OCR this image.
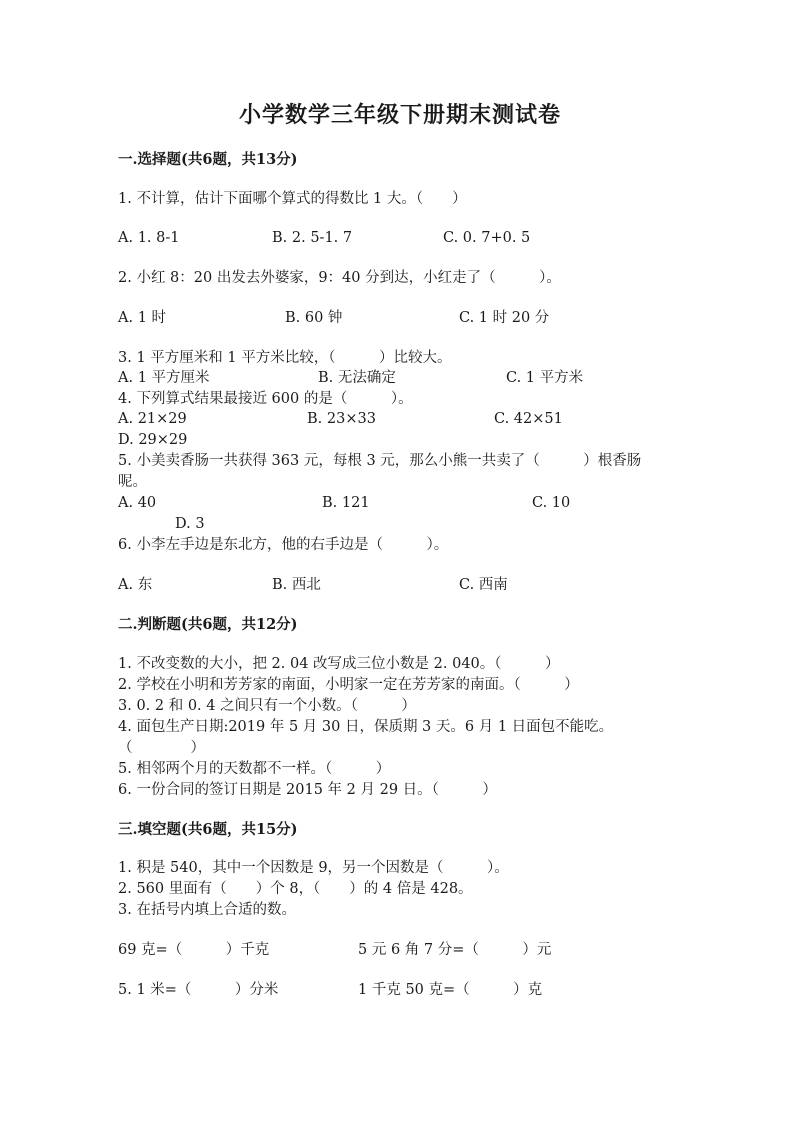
小学数学三年级下册期末测试卷
一.选择题(共6题，共13分)
1. 不计算，估计下面哪个算式的得数比 1 大。（　　）
A. 1. 8-1	B. 2. 5-1. 7	C. 0. 7+0. 5
2. 小红 8：20 出发去外婆家，9：40 分到达，小红走了（　　　）。
A. 1 时	B. 60 钟	C. 1 时 20 分
3. 1 平方厘米和 1 平方米比较，（　　　）比较大。
A. 1 平方厘米	B. 无法确定	C. 1 平方米
4. 下列算式结果最接近 600 的是（　　　）。
A. 21×29	B. 23×33	C. 42×51
D. 29×29
5. 小美卖香肠一共获得 363 元，每根 3 元，那么小熊一共卖了（　　　）根香肠
呢。
A. 40	B. 121	C. 10
D. 3
6. 小李左手边是东北方，他的右手边是（　　　）。
A. 东	B. 西北	C. 西南
二.判断题(共6题，共12分)
1. 不改变数的大小，把 2. 04 改写成三位小数是 2. 040。（　　　）
2. 学校在小明和芳芳家的南面，小明家一定在芳芳家的南面。（　　　）
3. 0. 2 和 0. 4 之间只有一个小数。（　　　）
4. 面包生产日期:2019 年 5 月 30 日，保质期 3 天。6 月 1 日面包不能吃。
（　　　　）
5. 相邻两个月的天数都不一样。（　　　）
6. 一份合同的签订日期是 2015 年 2 月 29 日。（　　　）
三.填空题(共6题，共15分)
1. 积是 540，其中一个因数是 9，另一个因数是（　　　）。
2. 560 里面有（　　）个 8，（　　）的 4 倍是 428。
3. 在括号内填上合适的数。
69 克=（　　　）千克	5 元 6 角 7 分=（　　　）元
5. 1 米=（　　　）分米	1 千克 50 克=（　　　）克
